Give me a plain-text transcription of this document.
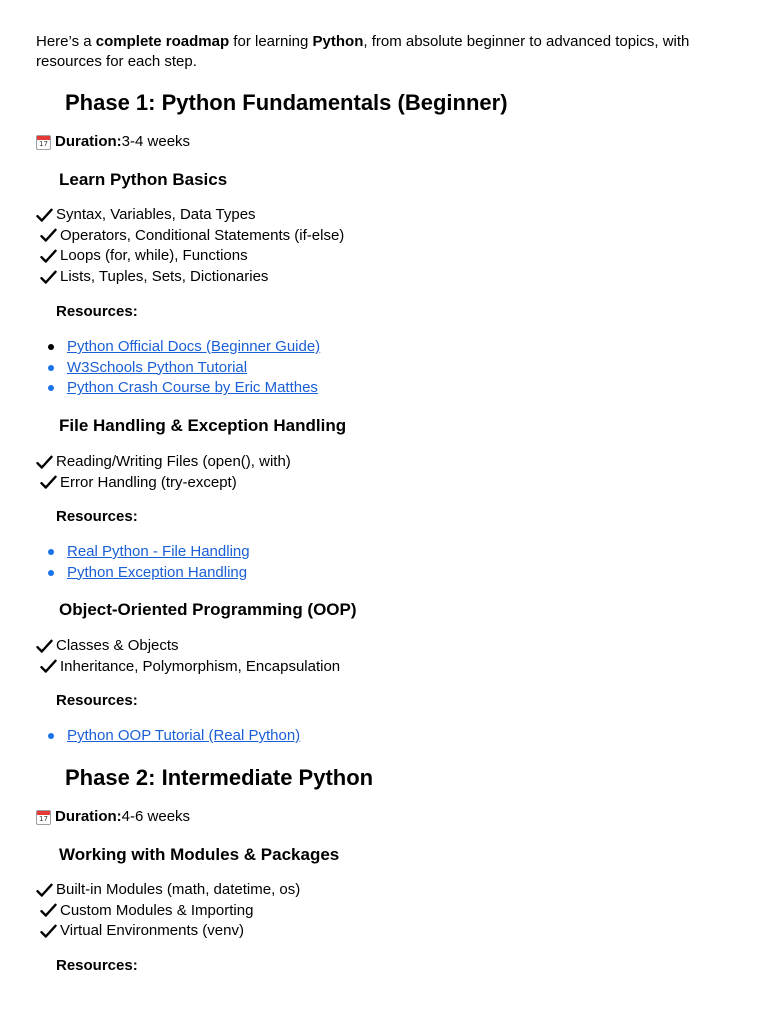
Here’s a complete roadmap for learning Python, from absolute beginner to advanced topics, with resources for each step.

Phase 1: Python Fundamentals (Beginner)

17
Duration: 3-4 weeks

Learn Python Basics
Syntax, Variables, Data Types
Operators, Conditional Statements (if-else)
Loops (for, while), Functions
Lists, Tuples, Sets, Dictionaries

Resources:

Python Official Docs (Beginner Guide)
W3Schools Python Tutorial
Python Crash Course by Eric Matthes
File Handling & Exception Handling
Reading/Writing Files (open(), with)
Error Handling (try-except)

Resources:

Real Python - File Handling
Python Exception Handling
Object-Oriented Programming (OOP)
Classes & Objects
Inheritance, Polymorphism, Encapsulation

Resources:

Python OOP Tutorial (Real Python)
Phase 2: Intermediate Python

17
Duration: 4-6 weeks

Working with Modules & Packages
Built-in Modules (math, datetime, os)
Custom Modules & Importing
Virtual Environments (venv)

Resources:
